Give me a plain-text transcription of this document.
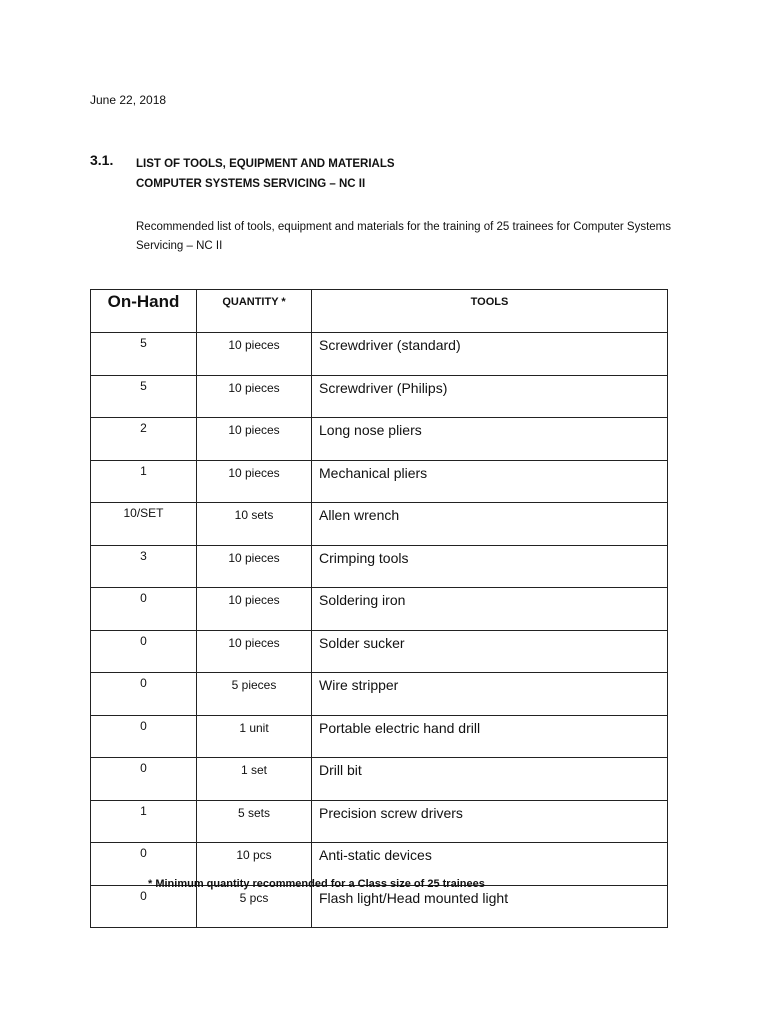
June 22, 2018
3.1. LIST OF TOOLS, EQUIPMENT AND MATERIALS
COMPUTER SYSTEMS SERVICING – NC II
Recommended list of tools, equipment and materials for the training of 25 trainees for Computer Systems Servicing – NC II
On-Hand	QUANTITY *	TOOLS
5	10 pieces	Screwdriver (standard)
5	10 pieces	Screwdriver (Philips)
2	10 pieces	Long nose pliers
1	10 pieces	Mechanical pliers
10/SET	10 sets	Allen wrench
3	10 pieces	Crimping tools
0	10 pieces	Soldering iron
0	10 pieces	Solder sucker
0	5 pieces	Wire stripper
0	1 unit	Portable electric hand drill
0	1 set	Drill bit
1	5 sets	Precision screw drivers
0	10 pcs	Anti-static devices
0	5 pcs	Flash light/Head mounted light
* Minimum quantity recommended for a Class size of 25 trainees
